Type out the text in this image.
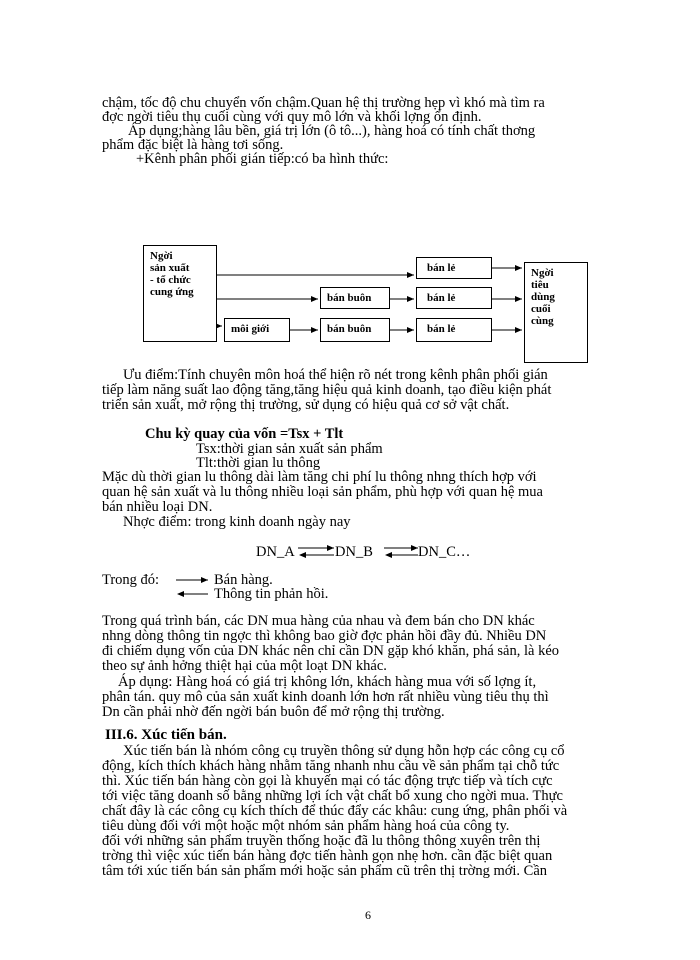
chậm, tốc độ chu chuyển vốn chậm.Quan hệ thị trường hẹp vì khó mà tìm ra
đợc ngời tiêu thụ cuối cùng với quy mô lớn và khối lợng ổn định.
Áp dụng;hàng lâu bền, giá trị lớn (ô tô...), hàng hoá có tính chất thơng
phẩm đặc biệt là hàng tơi sống.
+Kênh phân phối gián tiếp:có ba hình thức:
Ngời
sản xuất
- tổ chức
cung ứng
Ngời
tiêu
dùng
cuối
cùng
bán lẻ
bán buôn	bán lẻ
môi giới	bán buôn	bán lẻ
Ưu điểm:Tính chuyên môn hoá thể hiện rõ nét trong kênh phân phối gián
tiếp làm năng suất lao động tăng,tăng hiệu quả kinh doanh, tạo điều kiện phát
triển sản xuất, mở rộng thị trường, sử dụng có hiệu quả cơ sở vật chất.
Chu kỳ quay của vốn =Tsx + Tlt
Tsx:thời gian sản xuất sản phẩm
Tlt:thời gian lu thông
Mặc dù thời gian lu thông dài làm tăng chi phí lu thông nhng thích hợp với
quan hệ sản xuất và lu thông nhiều loại sản phẩm, phù hợp với quan hệ mua
bán nhiều loại DN.
Nhợc điểm: trong kinh doanh ngày nay
DN_A	DN_B	DN_C…
Trong đó:	Bán hàng.
Thông tin phản hồi.
Trong quá trình bán, các DN mua hàng của nhau và đem bán cho DN khác
nhng dòng thông tin ngợc thì không bao giờ đợc phản hồi đầy đủ. Nhiều DN
đi chiếm dụng vốn của DN khác nên chỉ cần DN gặp khó khăn, phá sản, là kéo
theo sự ảnh hởng thiệt hại của một loạt DN khác.
Áp dụng: Hàng hoá có giá trị không lớn, khách hàng mua với số lợng ít,
phân tán. quy mô của sản xuất kinh doanh lớn hơn rất nhiều vùng tiêu thụ thì
Dn cần phải nhờ đến ngời bán buôn để mở rộng thị trường.
III.6. Xúc tiến bán.
Xúc tiến bán là nhóm công cụ truyền thông sử dụng hỗn hợp các công cụ cổ
động, kích thích khách hàng nhằm tăng nhanh nhu cầu về sản phẩm tại chỗ tức
thì. Xúc tiến bán hàng còn gọi là khuyến mại có tác động trực tiếp và tích cực
tới việc tăng doanh số bằng những lợi ích vật chất bổ xung cho ngời mua. Thực
chất đây là các công cụ kích thích để thúc đẩy các khâu: cung ứng, phân phối và
tiêu dùng đối với một hoặc một nhóm sản phẩm hàng hoá của công ty.
đối với những sản phẩm truyền thống hoặc đã lu thông thông xuyên trên thị
trờng thì việc xúc tiến bán hàng đợc tiến hành gọn nhẹ hơn. cần đặc biệt quan
tâm tới xúc tiến bán sản phẩm mới hoặc sản phẩm cũ trên thị trờng mới. Cần
6
